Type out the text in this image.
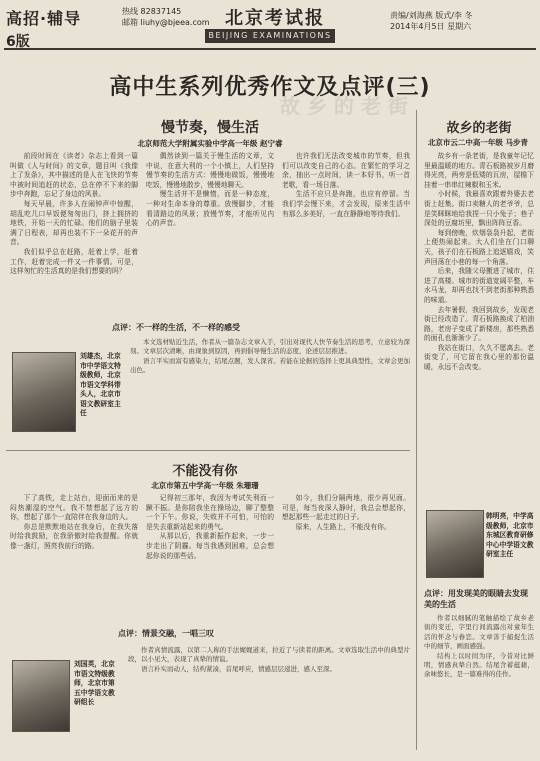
高招·辅导
6版
热线 82837145
邮箱 liuhy@bjeea.com 北京考试报
BEIJING EXAMINATIONS
责编/刘海燕 版式/李 冬
2014年4月5日 星期六
故 乡 的 老 街
高中生系列优秀作文及点评(三)
慢节奏，慢生活
北京师范大学附属实验中学高一年级 赵宁睿

前段时间在《读者》杂志上看到一篇叫做《人与时间》的文章，题目叫《我像上了发条》，其中描述的是人在飞快的节奏中被时间追赶的状态，总在停不下来的脚步中奔跑，忘记了身边的风景。

每天早晨，许多人在闹钟声中惊醒，胡乱吃几口早饭便匆匆出门，挤上拥挤的地铁，开始一天的忙碌。他们的脑子里装满了日程表，却再也装不下一朵花开的声音。

我们似乎总在赶路，赶着上学，赶着工作，赶着完成一件又一件事情。可是，这样匆忙的生活真的是我们想要的吗？

偶然读到一篇关于慢生活的文章，文中说，在意大利的一个小镇上，人们坚持慢节奏的生活方式：慢慢地做饭，慢慢地吃饭，慢慢地散步，慢慢地聊天。

慢生活并不是懒惰，而是一种态度，一种对生命本身的尊重。放慢脚步，才能看清路边的风景；放慢节奏，才能听见内心的声音。

也许我们无法改变城市的节奏，但我们可以改变自己的心态。在繁忙的学习之余，抽出一点时间，读一本好书，听一首老歌，看一场日落。

生活不应只是奔跑，也应有停留。当我们学会慢下来，才会发现，原来生活中有那么多美好，一直在静静地等待我们。

点评：不一样的生活，不一样的感受
刘雄杰，北京市中学语文特级教师，北京市语文学科带头人，北京市语文教研室主任

本文选材贴近生活，作者从一篇杂志文章入手，引出对现代人快节奏生活的思考，立意较为深刻。文章层次清晰，由现象到原因，再到倡导慢生活的态度，论述层层推进。

语言平实而富有感染力，结尾点题，发人深省。若能在论据的选择上更具典型性，文章会更加出色。

不能没有你
北京市第五中学高一年级 朱珊珊

下了高铁，走上站台，迎面而来的是闷热潮湿的空气。我不禁想起了远方的你，想起了那个一直陪伴在我身边的人。

你总是默默地站在我身后，在我失落时给我鼓励，在我骄傲时给我提醒。你就像一盏灯，照亮我前行的路。

记得初三那年，我因为考试失利而一蹶不振。是你陪我坐在操场边，聊了整整一个下午。你说，失败并不可怕，可怕的是失去重新站起来的勇气。

从那以后，我重新振作起来，一步一步走出了阴霾。每当我遇到困难，总会想起你说的那些话。

如今，我们分隔两地，很少再见面。可是，每当夜深人静时，我总会想起你，想起那些一起走过的日子。

原来，人生路上，不能没有你。

点评：情景交融，一唱三叹
刘国英，北京市语文特级教师，北京市第五中学语文教研组长

作者真情流露，以第二人称的手法娓娓道来，拉近了与读者的距离。文章选取生活中的典型片段，以小见大，表现了真挚的情谊。

语言朴实而动人，结构紧凑，首尾呼应，情感层层递进，感人至深。

故乡的老街
北京市云二中高一年级 马步青

故乡有一条老街，是我童年记忆里最温暖的地方。青石板路被岁月磨得光亮，两旁是低矮的瓦房，屋檐下挂着一串串红辣椒和玉米。

小时候，我最喜欢跟着外婆去老街上赶集。街口卖糖人的老爷爷，总是笑眯眯地给我捏一只小兔子；巷子深处的豆腐坊里，飘出阵阵豆香。

每到傍晚，炊烟袅袅升起，老街上便热闹起来。大人们坐在门口聊天，孩子们在石板路上追逐嬉戏，笑声回荡在小巷的每一个角落。

后来，我随父母搬进了城市，住进了高楼。城市的街道宽阔平整，车水马龙，却再也找不到老街那种熟悉的味道。

去年暑假，我回到故乡，发现老街已经改造了。青石板路换成了柏油路，老房子变成了新楼房，那些熟悉的面孔也渐渐少了。

我站在街口，久久不愿离去。老街变了，可它留在我心里的那份温暖，永远不会改变。

韩明亮，中学高级教师，北京市东城区教育研修中心中学语文教研室主任
点评：用发现美的眼睛去发现美的生活

作者以细腻的笔触描绘了故乡老街的变迁，字里行间流露出对童年生活的怀念与眷恋。文章善于捕捉生活中的细节，画面感强。

结构上以时间为序，今昔对比鲜明，情感真挚自然。结尾含蓄蕴藉，余味悠长，是一篇难得的佳作。
